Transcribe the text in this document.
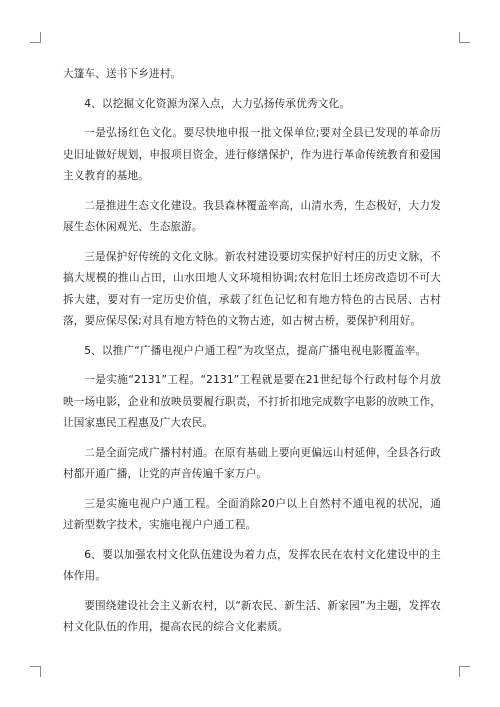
大篷车、送书下乡进村。

4、以挖掘文化资源为深入点，大力弘扬传承优秀文化。

一是弘扬红色文化。要尽快地申报一批文保单位;要对全县已发现的革命历史旧址做好规划，申报项目资金，进行修缮保护，作为进行革命传统教育和爱国主义教育的基地。

二是推进生态文化建设。我县森林覆盖率高，山清水秀，生态极好，大力发展生态休闲观光、生态旅游。

三是保护好传统的文化文脉。新农村建设要切实保护好村庄的历史文脉，不搞大规模的推山占田，山水田地人文环境相协调;农村危旧土坯房改造切不可大拆大建，要对有一定历史价值，承载了红色记忆和有地方特色的古民居、古村落，要应保尽保;对具有地方特色的文物古迹，如古树古桥，要保护利用好。

5、以推广“广播电视户户通工程”为攻坚点，提高广播电视电影覆盖率。

一是实施“2131”工程。“2131”工程就是要在21世纪每个行政村每个月放映一场电影，企业和放映员要履行职责，不打折扣地完成数字电影的放映工作，让国家惠民工程惠及广大农民。

二是全面完成广播村村通。在原有基础上要向更偏远山村延伸，全县各行政村都开通广播，让党的声音传遍千家万户。

三是实施电视户户通工程。全面消除20户以上自然村不通电视的状况，通过新型数字技术，实施电视户户通工程。

6、要以加强农村文化队伍建设为着力点，发挥农民在农村文化建设中的主体作用。

要围绕建设社会主义新农村，以“新农民、新生活、新家园”为主题，发挥农村文化队伍的作用，提高农民的综合文化素质。
